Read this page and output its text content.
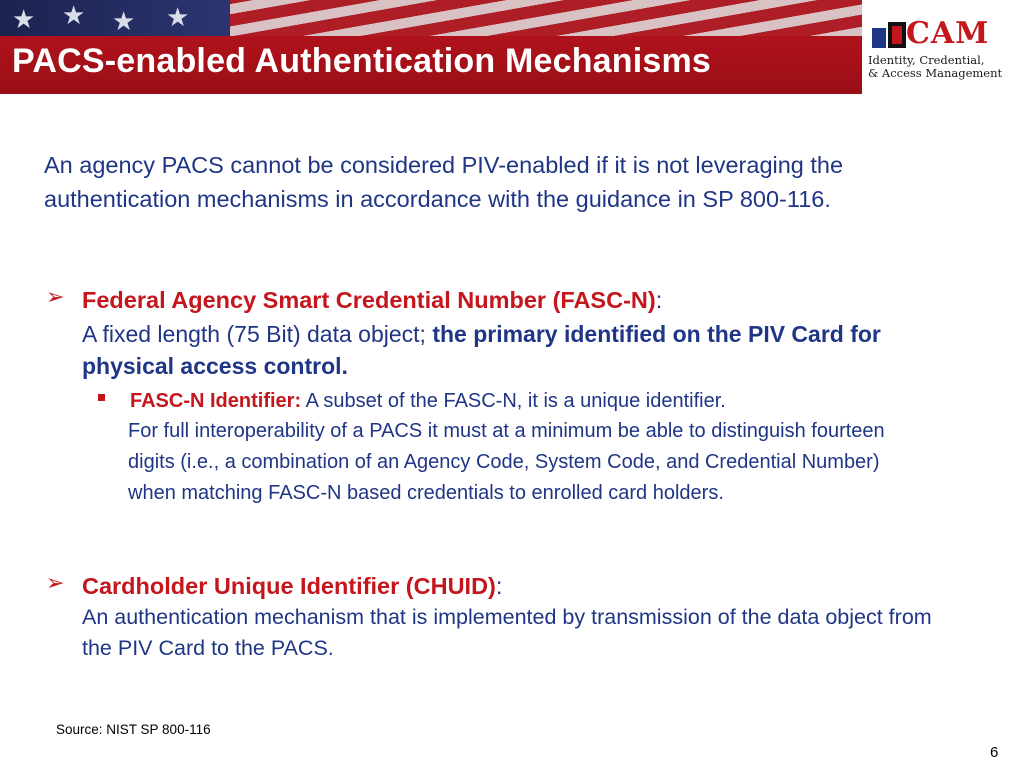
★ ★ ★ ★
PACS-enabled Authentication Mechanisms
CAM
Identity, Credential,
& Access Management

An agency PACS cannot be considered PIV-enabled if it is not leveraging the authentication mechanisms in accordance with the guidance in SP 800-116.

➢ Federal Agency Smart Credential Number (FASC-N):

A fixed length (75 Bit) data object; the primary identified on the PIV Card for physical access control.

FASC-N Identifier: A subset of the FASC-N, it is a unique identifier.

For full interoperability of a PACS it must at a minimum be able to distinguish fourteen digits (i.e., a combination of an Agency Code, System Code, and Credential Number) when matching FASC-N based credentials to enrolled card holders.

➢ Cardholder Unique Identifier (CHUID):

An authentication mechanism that is implemented by transmission of the data object from the PIV Card to the PACS.

Source: NIST SP 800-116
6
